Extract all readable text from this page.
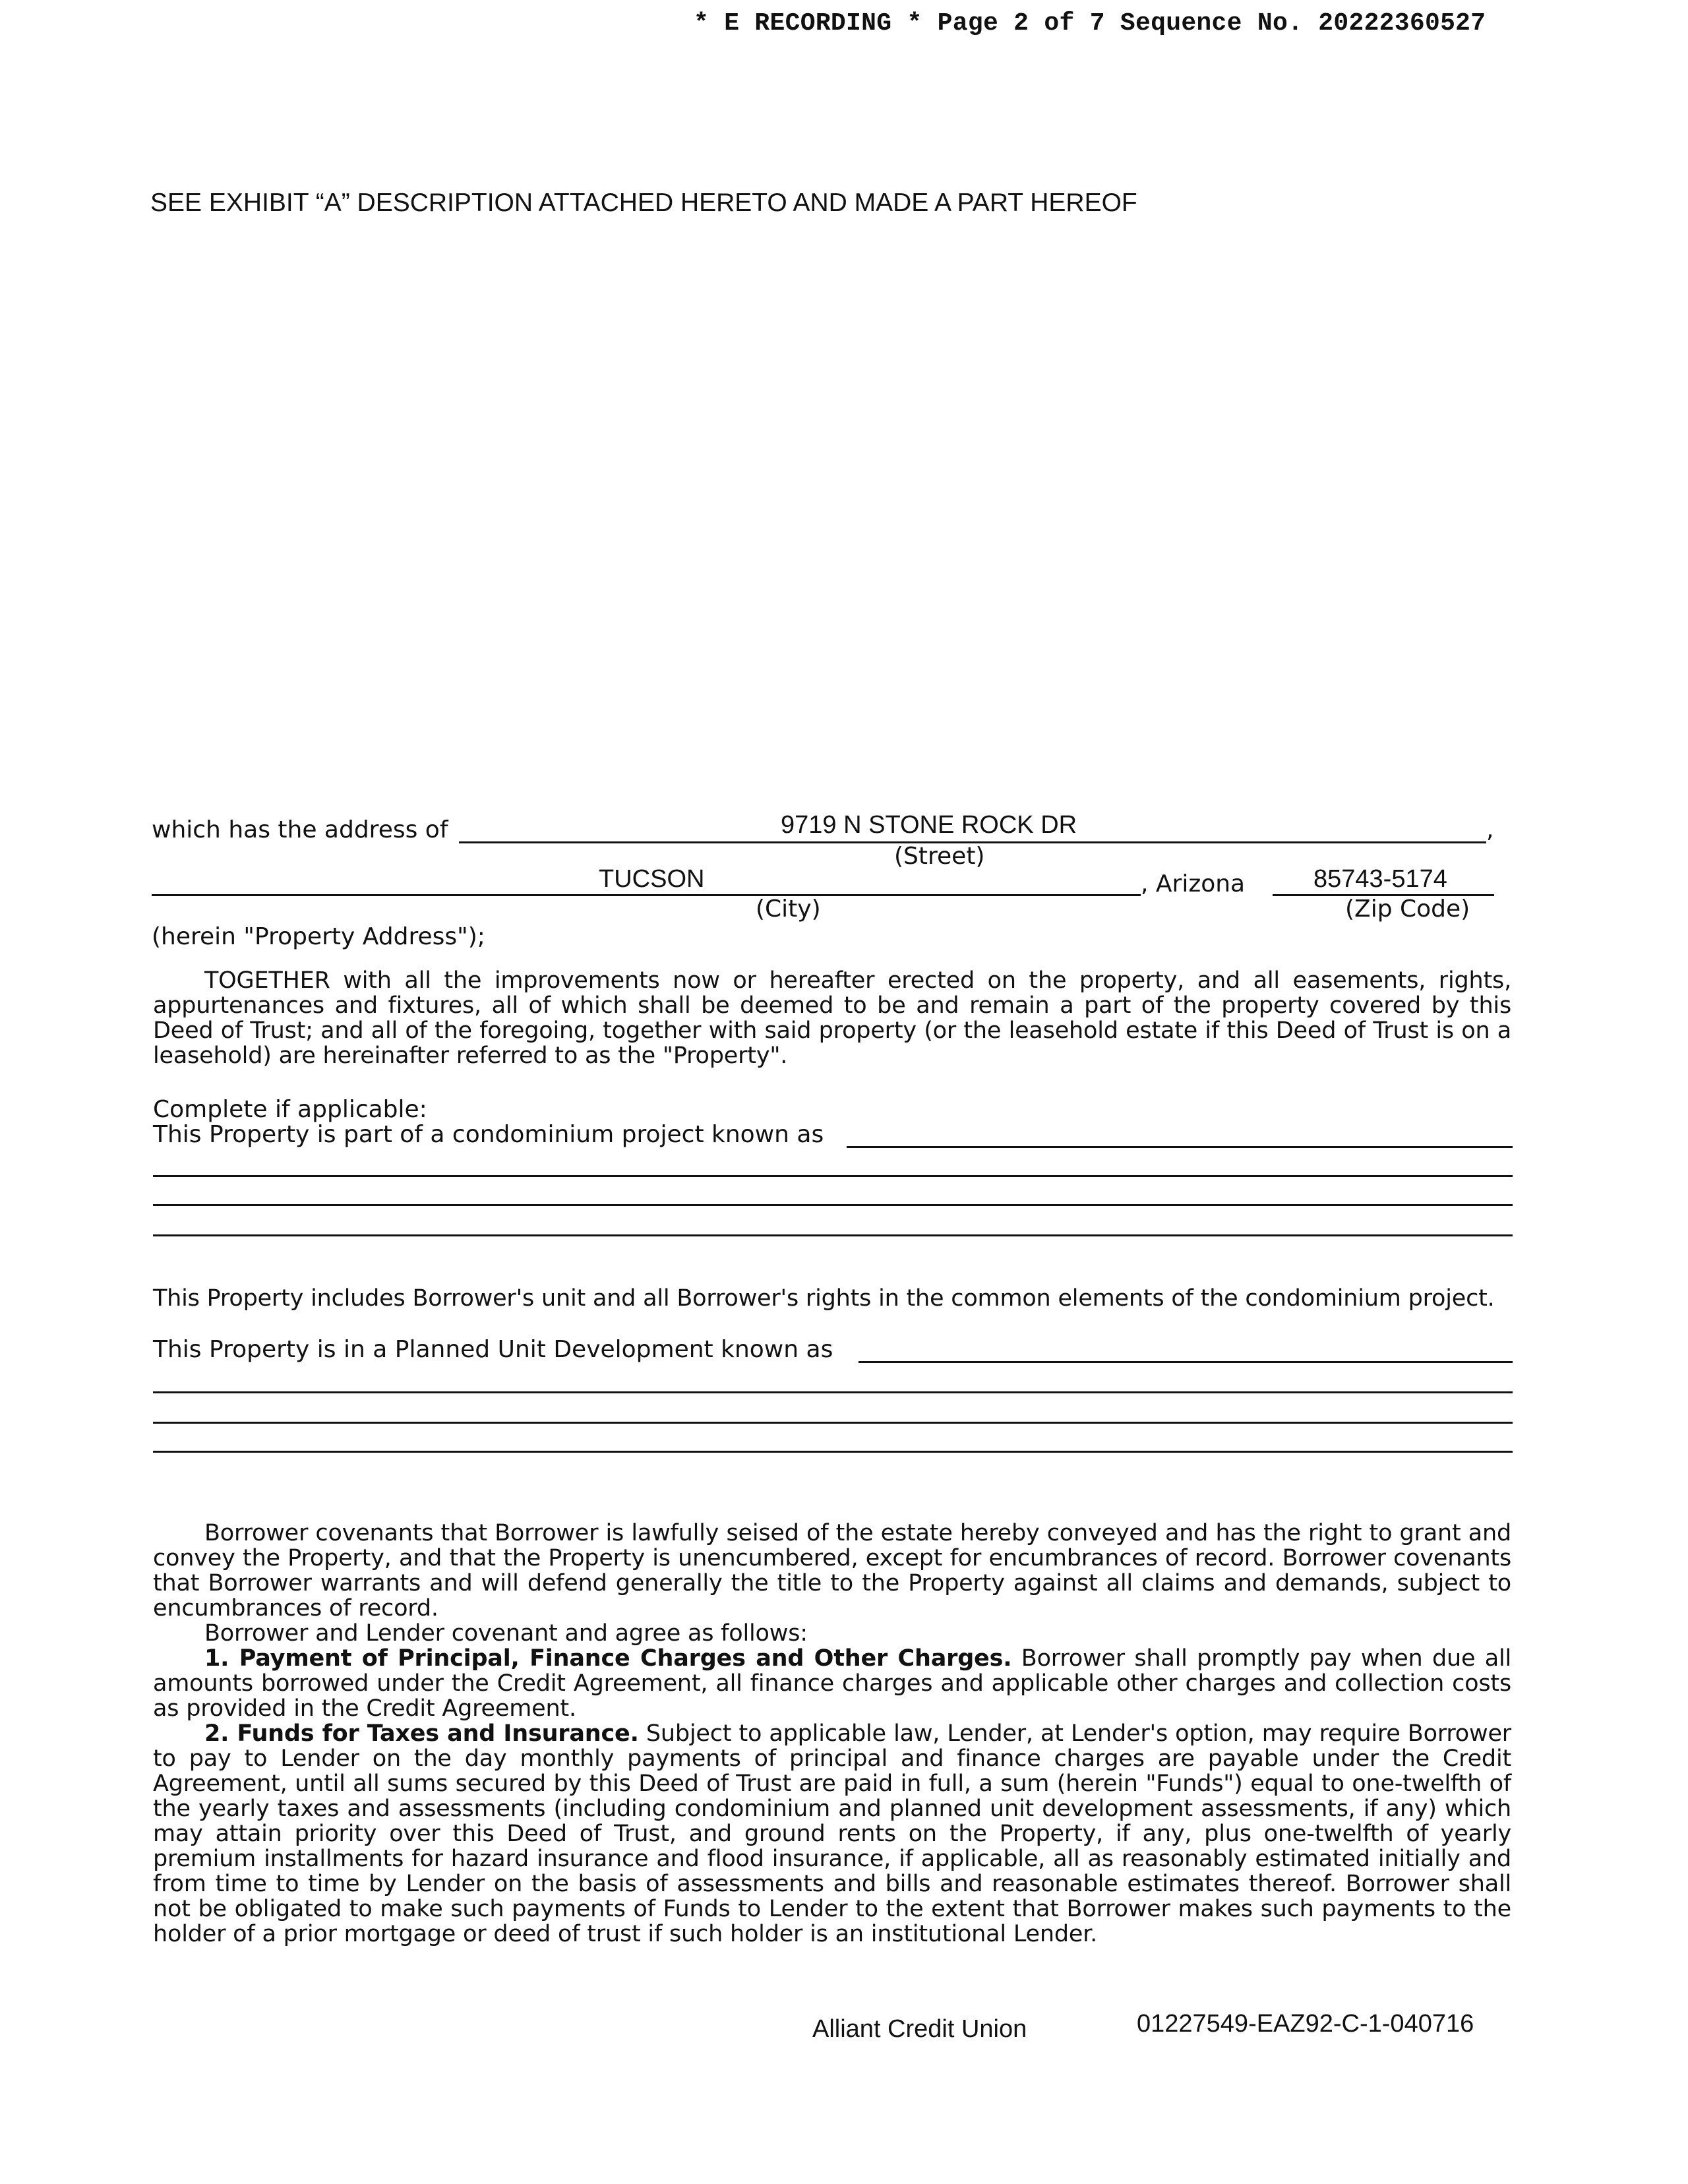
* E RECORDING * Page 2 of 7 Sequence No. 20222360527
SEE EXHIBIT “A” DESCRIPTION ATTACHED HERETO AND MADE A PART HEREOF
which has the address of	9719 N STONE ROCK DR	,
(Street)
TUCSON	, Arizona	85743-5174
(City)	(Zip Code)
(herein "Property Address");

TOGETHER with all the improvements now or hereafter erected on the property, and all easements, rights, appurtenances and fixtures, all of which shall be deemed to be and remain a part of the property covered by this Deed of Trust; and all of the foregoing, together with said property (or the leasehold estate if this Deed of Trust is on a leasehold) are hereinafter referred to as the "Property".

Complete if applicable:
This Property is part of a condominium project known as

This Property includes Borrower's unit and all Borrower's rights in the common elements of the condominium project.

This Property is in a Planned Unit Development known as

Borrower covenants that Borrower is lawfully seised of the estate hereby conveyed and has the right to grant and convey the Property, and that the Property is unencumbered, except for encumbrances of record. Borrower covenants that Borrower warrants and will defend generally the title to the Property against all claims and demands, subject to encumbrances of record.

Borrower and Lender covenant and agree as follows:

1. Payment of Principal, Finance Charges and Other Charges. Borrower shall promptly pay when due all amounts borrowed under the Credit Agreement, all finance charges and applicable other charges and collection costs as provided in the Credit Agreement.

2. Funds for Taxes and Insurance. Subject to applicable law, Lender, at Lender's option, may require Borrower to pay to Lender on the day monthly payments of principal and finance charges are payable under the Credit Agreement, until all sums secured by this Deed of Trust are paid in full, a sum (herein "Funds") equal to one-twelfth of the yearly taxes and assessments (including condominium and planned unit development assessments, if any) which may attain priority over this Deed of Trust, and ground rents on the Property, if any, plus one-twelfth of yearly premium installments for hazard insurance and flood insurance, if applicable, all as reasonably estimated initially and from time to time by Lender on the basis of assessments and bills and reasonable estimates thereof. Borrower shall not be obligated to make such payments of Funds to Lender to the extent that Borrower makes such payments to the holder of a prior mortgage or deed of trust if such holder is an institutional Lender.

Alliant Credit Union	01227549-EAZ92-C-1-040716
